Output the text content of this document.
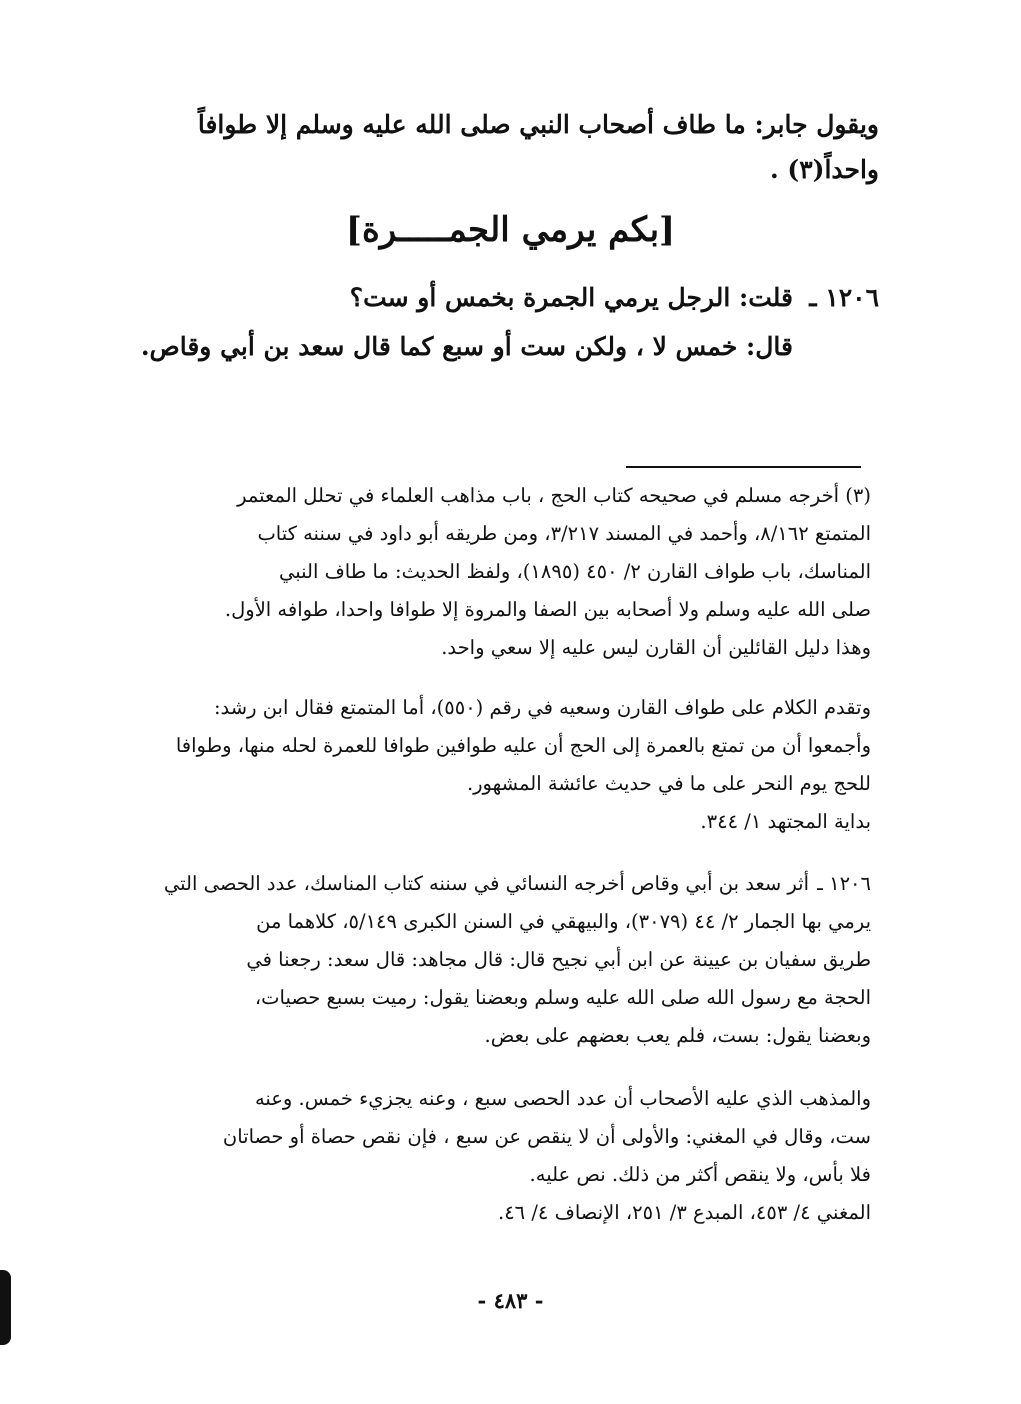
ويقول جابر: ما طاف أصحاب النبي صلى الله عليه وسلم إلا طوافاً
واحداً(٣) .
[بكم يرمي الجمـــــرة]
١٢٠٦ ـ
قلت: الرجل يرمي الجمرة بخمس أو ست؟
قال: خمس لا ، ولكن ست أو سبع كما قال سعد بن أبي وقاص.
(٣) أخرجه مسلم في صحيحه كتاب الحج ، باب مذاهب العلماء في تحلل المعتمر
المتمتع ٨/١٦٢، وأحمد في المسند ٣/٢١٧، ومن طريقه أبو داود في سننه كتاب
المناسك، باب طواف القارن ٢/ ٤٥٠ (١٨٩٥)، ولفظ الحديث: ما طاف النبي
صلى الله عليه وسلم ولا أصحابه بين الصفا والمروة إلا طوافا واحدا، طوافه الأول.
وهذا دليل القائلين أن القارن ليس عليه إلا سعي واحد.
وتقدم الكلام على طواف القارن وسعيه في رقم (٥٥٠)، أما المتمتع فقال ابن رشد:
وأجمعوا أن من تمتع بالعمرة إلى الحج أن عليه طوافين طوافا للعمرة لحله منها، وطوافا
للحج يوم النحر على ما في حديث عائشة المشهور.
بداية المجتهد ١/ ٣٤٤.
١٢٠٦ ـ
أثر سعد بن أبي وقاص أخرجه النسائي في سننه كتاب المناسك، عدد الحصى التي
يرمي بها الجمار ٢/ ٤٤ (٣٠٧٩)، والبيهقي في السنن الكبرى ٥/١٤٩، كلاهما من
طريق سفيان بن عيينة عن ابن أبي نجيح قال: قال مجاهد: قال سعد: رجعنا في
الحجة مع رسول الله صلى الله عليه وسلم وبعضنا يقول: رميت بسبع حصيات،
وبعضنا يقول: بست، فلم يعب بعضهم على بعض.
والمذهب الذي عليه الأصحاب أن عدد الحصى سبع ، وعنه يجزيء خمس. وعنه
ست، وقال في المغني: والأولى أن لا ينقص عن سبع ، فإن نقص حصاة أو حصاتان
فلا بأس، ولا ينقص أكثر من ذلك. نص عليه.
المغني ٤/ ٤٥٣، المبدع ٣/ ٢٥١، الإنصاف ٤/ ٤٦.
- ٤٨٣ -
